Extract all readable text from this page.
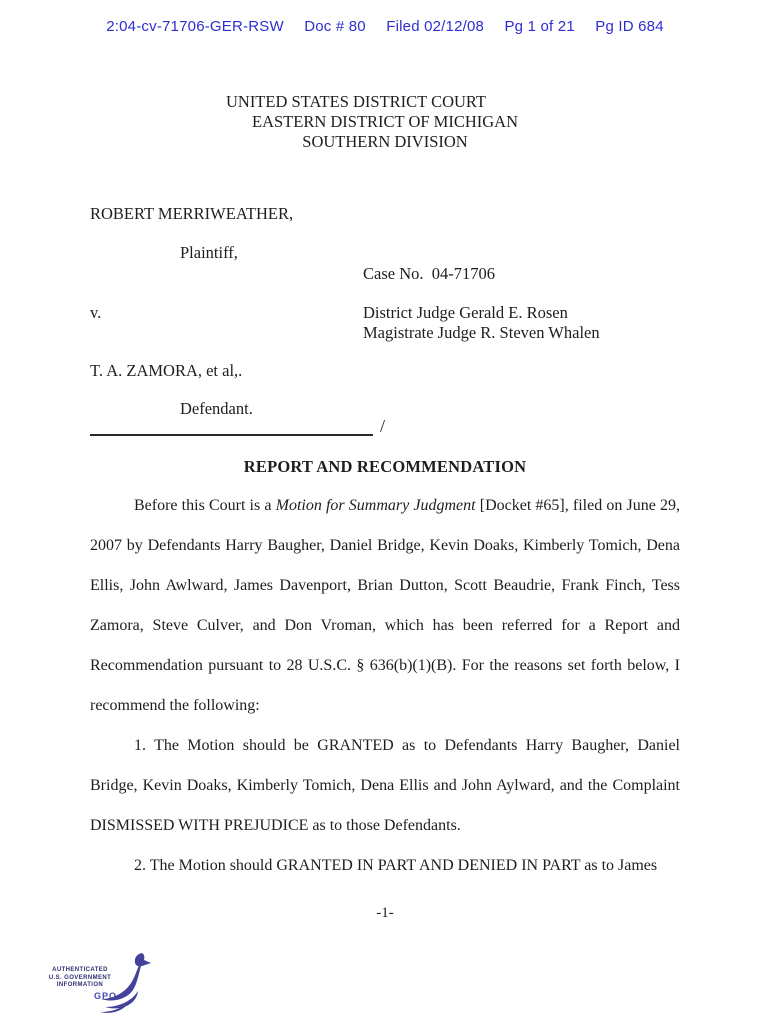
2:04-cv-71706-GER-RSW Doc # 80 Filed 02/12/08 Pg 1 of 21 Pg ID 684
UNITED STATES DISTRICT COURT
EASTERN DISTRICT OF MICHIGAN
SOUTHERN DIVISION
ROBERT MERRIWEATHER,
Plaintiff,
Case No.  04-71706
v.	District Judge Gerald E. Rosen
Magistrate Judge R. Steven Whalen
T. A. ZAMORA, et al,.
Defendant.
/
REPORT AND RECOMMENDATION

Before this Court is a Motion for Summary Judgment [Docket #65], filed on June 29, 2007 by Defendants Harry Baugher, Daniel Bridge, Kevin Doaks, Kimberly Tomich, Dena Ellis, John Awlward, James Davenport, Brian Dutton, Scott Beaudrie, Frank Finch, Tess Zamora, Steve Culver, and Don Vroman, which has been referred for a Report and Recommendation pursuant to 28 U.S.C. § 636(b)(1)(B). For the reasons set forth below, I recommend the following:

1. The Motion should be GRANTED as to Defendants Harry Baugher, Daniel Bridge, Kevin Doaks, Kimberly Tomich, Dena Ellis and John Aylward, and the Complaint DISMISSED WITH PREJUDICE as to those Defendants.

2. The Motion should GRANTED IN PART AND DENIED IN PART as to James

-1-
AUTHENTICATED
U.S. GOVERNMENT
INFORMATION
GPO
